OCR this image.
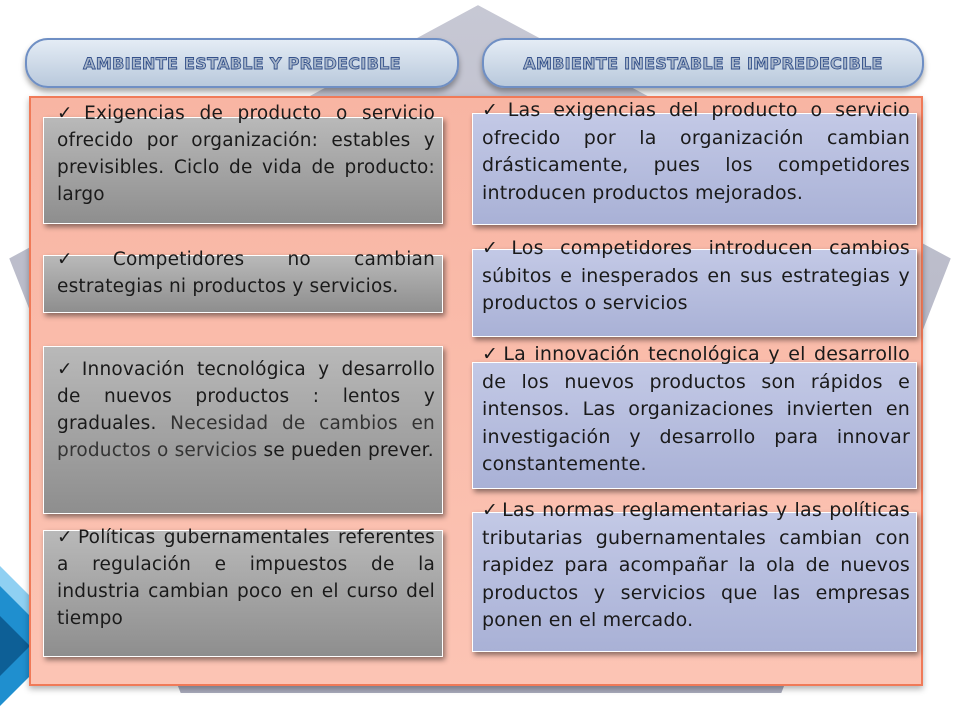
AMBIENTE ESTABLE Y PREDECIBLE	AMBIENTE INESTABLE E IMPREDECIBLE
✓ Exigencias de producto o servicio ofrecido por organización: estables y previsibles. Ciclo de vida de producto: largo
✓ Competidores no cambian estrategias ni productos y servicios.
✓ Innovación tecnológica y desarrollo de nuevos productos : lentos y graduales. Necesidad de cambios en productos o servicios se pueden prever.
✓ Políticas gubernamentales referentes a regulación e impuestos de la industria cambian poco en el curso del tiempo
✓ Las exigencias del producto o servicio ofrecido por la organización cambian drásticamente, pues los competidores introducen productos mejorados.
✓ Los competidores introducen cambios súbitos e inesperados en sus estrategias y productos o servicios
✓ La innovación tecnológica y el desarrollo de los nuevos productos son rápidos e intensos. Las organizaciones invierten en investigación y desarrollo para innovar constantemente.
✓ Las normas reglamentarias y las políticas tributarias gubernamentales cambian con rapidez para acompañar la ola de nuevos productos y servicios que las empresas ponen en el mercado.
